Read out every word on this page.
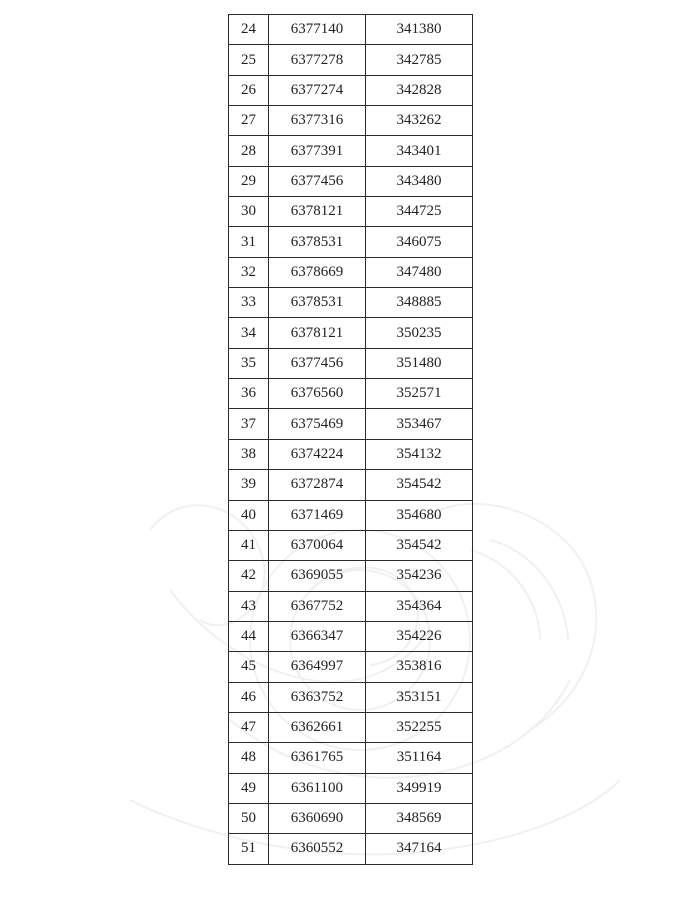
24	6377140	341380
25	6377278	342785
26	6377274	342828
27	6377316	343262
28	6377391	343401
29	6377456	343480
30	6378121	344725
31	6378531	346075
32	6378669	347480
33	6378531	348885
34	6378121	350235
35	6377456	351480
36	6376560	352571
37	6375469	353467
38	6374224	354132
39	6372874	354542
40	6371469	354680
41	6370064	354542
42	6369055	354236
43	6367752	354364
44	6366347	354226
45	6364997	353816
46	6363752	353151
47	6362661	352255
48	6361765	351164
49	6361100	349919
50	6360690	348569
51	6360552	347164
